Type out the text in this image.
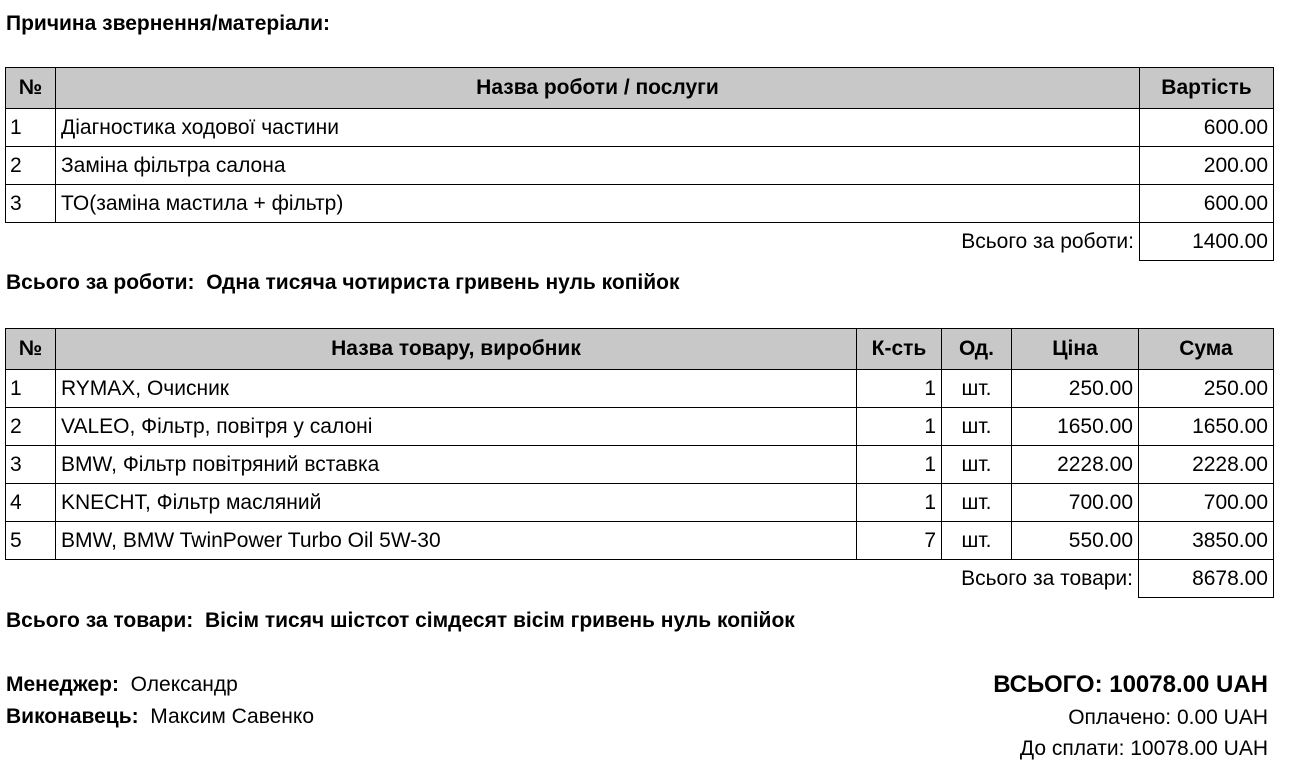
Причина звернення/матеріали:
№	Назва роботи / послуги	Вартість
1	Діагностика ходової частини	600.00
2	Заміна фільтра салона	200.00
3	ТО(заміна мастила + фільтр)	600.00
Всього за роботи:		1400.00
Всього за роботи: Одна тисяча чотириста гривень нуль копійок
№	Назва товару, виробник	К-сть	Од.	Ціна	Сума
1	RYMAX, Очисник	1	шт.	250.00	250.00
2	VALEO, Фільтр, повітря у салоні	1	шт.	1650.00	1650.00
3	BMW, Фільтр повітряний вставка	1	шт.	2228.00	2228.00
4	KNECHT, Фільтр масляний	1	шт.	700.00	700.00
5	BMW, BMW TwinPower Turbo Oil 5W-30	7	шт.	550.00	3850.00
Всього за товари:					8678.00
Всього за товари: Вісім тисяч шістсот сімдесят вісім гривень нуль копійок
Менеджер: Олександр
Виконавець: Максим Савенко
ВСЬОГО: 10078.00 UAH
Оплачено: 0.00 UAH
До сплати: 10078.00 UAH
